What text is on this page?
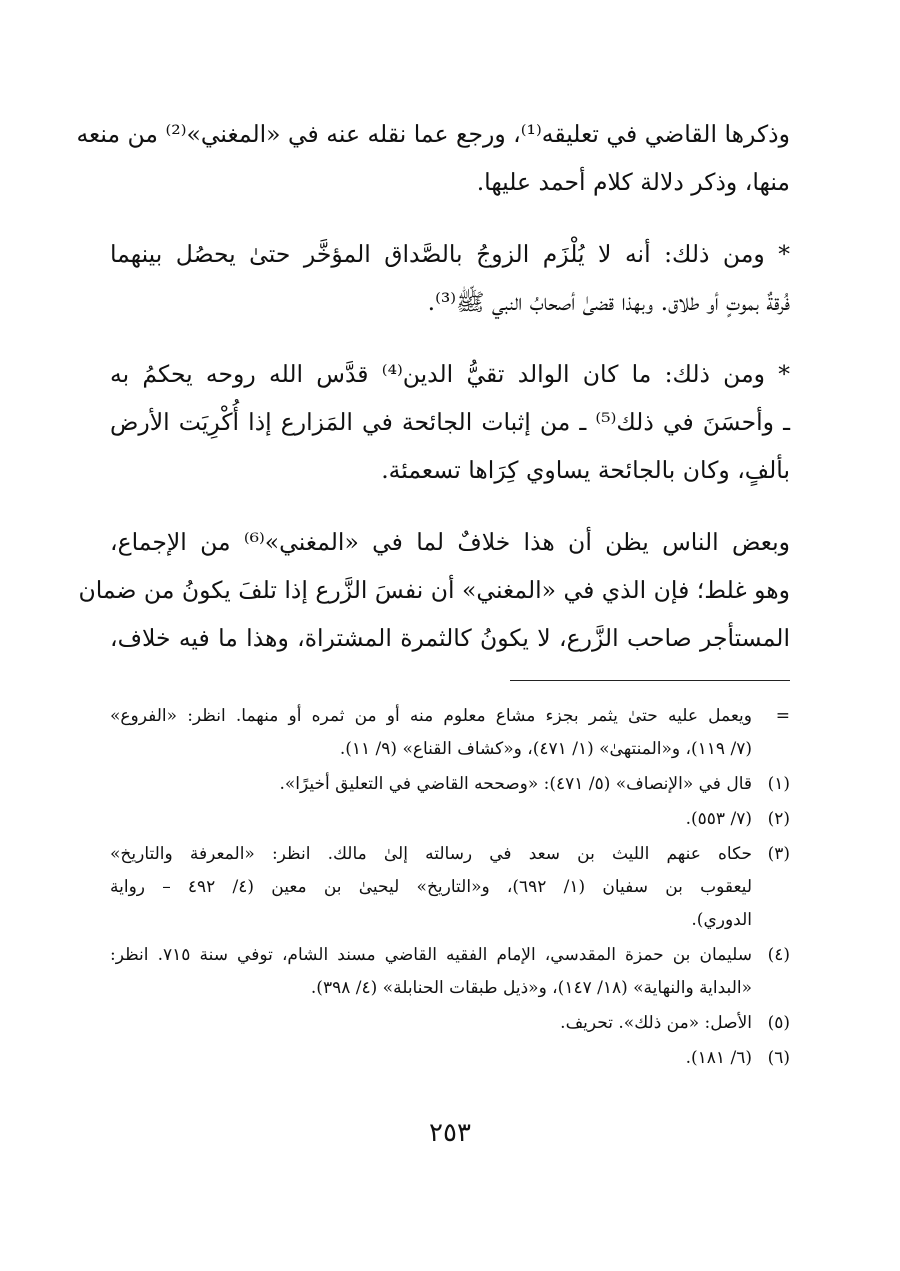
وذكرها القاضي في تعليقه⁽¹⁾، ورجع عما نقله عنه في «المغني»⁽²⁾ من منعه
منها، وذكر دلالة كلام أحمد عليها.

* ومن ذلك: أنه لا يُلْزَم الزوجُ بالصَّداق المؤخَّر حتىٰ يحصُل بينهما
فُرقةٌ بموتٍ أو طلاق. وبهذا قضىٰ أصحابُ النبي ﷺ⁽³⁾.

* ومن ذلك: ما كان الوالد تقيُّ الدين⁽⁴⁾ قدَّس الله روحه يحكمُ به
ـ وأحسَنَ في ذلك⁽⁵⁾ ـ من إثبات الجائحة في المَزارع إذا أُكْرِيَت الأرض
بألفٍ، وكان بالجائحة يساوي كِرَاها تسعمئة.

وبعض الناس يظن أن هذا خلافٌ لما في «المغني»⁽⁶⁾ من الإجماع،
وهو غلط؛ فإن الذي في «المغني» أن نفسَ الزَّرع إذا تلفَ يكونُ من ضمان
المستأجر صاحب الزَّرع، لا يكونُ كالثمرة المشتراة، وهذا ما فيه خلاف،

=
ويعمل عليه حتىٰ يثمر بجزء مشاع معلوم منه أو من ثمره أو منهما. انظر: «الفروع»
(٧/ ١١٩)، و«المنتهىٰ» (١/ ٤٧١)، و«كشاف القناع» (٩/ ١١).
(١)
قال في «الإنصاف» (٥/ ٤٧١): «وصححه القاضي في التعليق أخيرًا».
(٢)
(٧/ ٥٥٣).
(٣)
حكاه عنهم الليث بن سعد في رسالته إلىٰ مالك. انظر: «المعرفة والتاريخ»
ليعقوب بن سفيان (١/ ٦٩٢)، و«التاريخ» ليحيىٰ بن معين (٤/ ٤٩٢ – رواية
الدوري).
(٤)
سليمان بن حمزة المقدسي، الإمام الفقيه القاضي مسند الشام، توفي سنة ٧١٥. انظر:
«البداية والنهاية» (١٨/ ١٤٧)، و«ذيل طبقات الحنابلة» (٤/ ٣٩٨).
(٥)
الأصل: «من ذلك». تحريف.
(٦)
(٦/ ١٨١).
٢٥٣
